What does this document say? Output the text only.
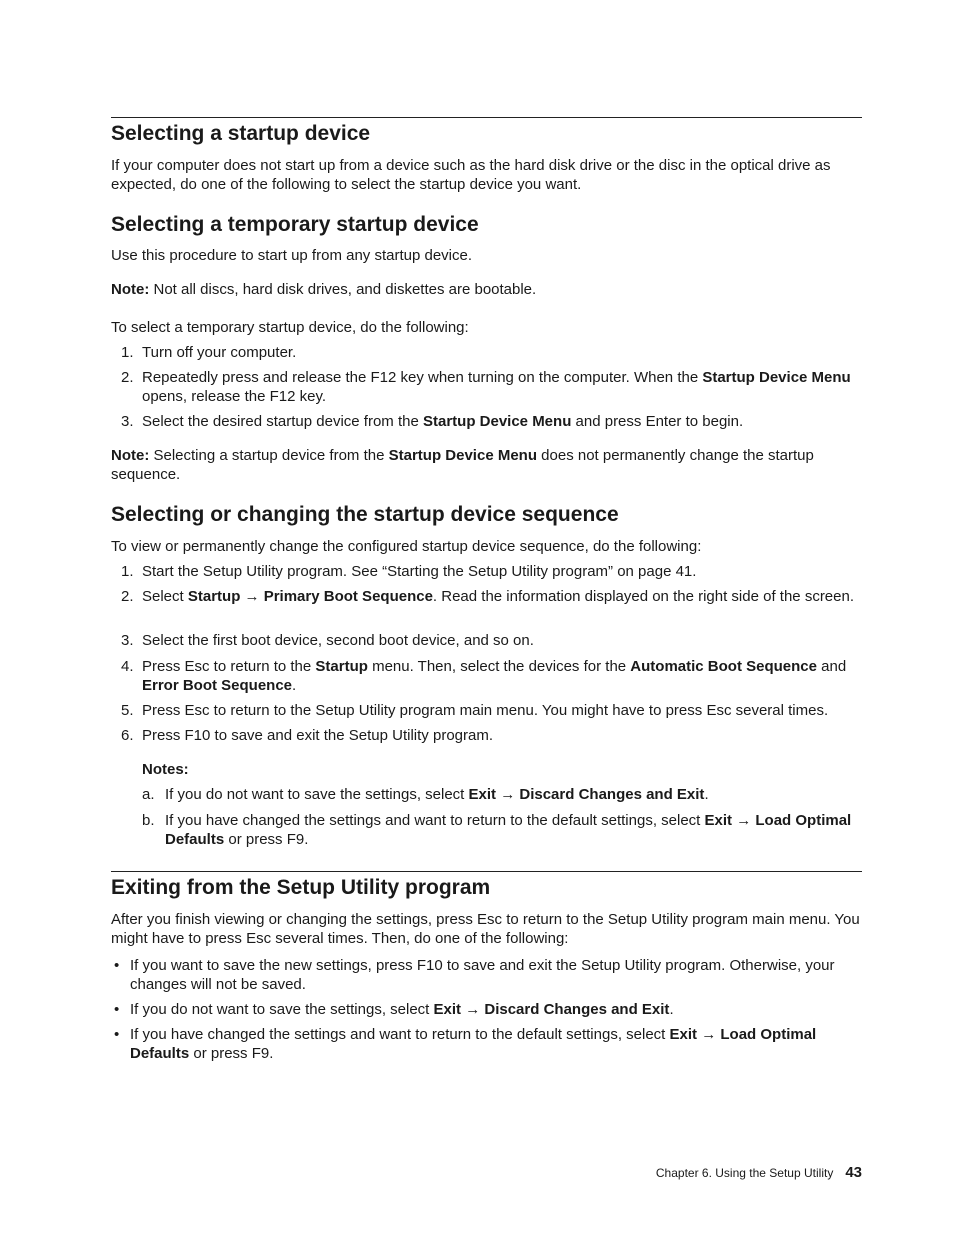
Selecting a startup device

If your computer does not start up from a device such as the hard disk drive or the disc in the optical drive as expected, do one of the following to select the startup device you want.

Selecting a temporary startup device

Use this procedure to start up from any startup device.

Note: Not all discs, hard disk drives, and diskettes are bootable.

To select a temporary startup device, do the following:

1. Turn off your computer.
2. Repeatedly press and release the F12 key when turning on the computer. When the Startup Device Menu opens, release the F12 key.
3. Select the desired startup device from the Startup Device Menu and press Enter to begin.

Note: Selecting a startup device from the Startup Device Menu does not permanently change the startup sequence.

Selecting or changing the startup device sequence

To view or permanently change the configured startup device sequence, do the following:

1. Start the Setup Utility program. See “Starting the Setup Utility program” on page 41.
2. Select Startup → Primary Boot Sequence. Read the information displayed on the right side of the screen.
3. Select the first boot device, second boot device, and so on.
4. Press Esc to return to the Startup menu. Then, select the devices for the Automatic Boot Sequence and Error Boot Sequence.
5. Press Esc to return to the Setup Utility program main menu. You might have to press Esc several times.
6. Press F10 to save and exit the Setup Utility program.

Notes:

a. If you do not want to save the settings, select Exit → Discard Changes and Exit.
b. If you have changed the settings and want to return to the default settings, select Exit → Load Optimal Defaults or press F9.
Exiting from the Setup Utility program

After you finish viewing or changing the settings, press Esc to return to the Setup Utility program main menu. You might have to press Esc several times. Then, do one of the following:

• If you want to save the new settings, press F10 to save and exit the Setup Utility program. Otherwise, your changes will not be saved.
• If you do not want to save the settings, select Exit → Discard Changes and Exit.
• If you have changed the settings and want to return to the default settings, select Exit → Load Optimal Defaults or press F9.
Chapter 6. Using the Setup Utility 43
